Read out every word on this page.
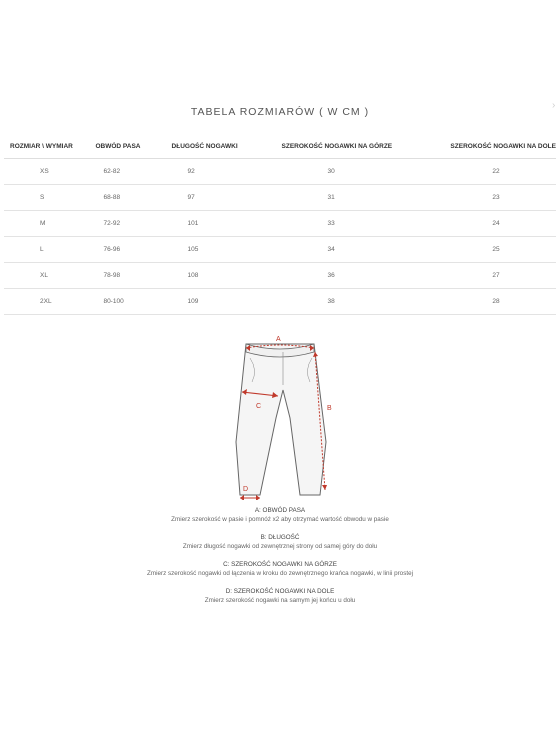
›
TABELA ROZMIARÓW ( W CM )
ROZMIAR \ WYMIAR	OBWÓD PASA	DŁUGOŚĆ NOGAWKI	SZEROKOŚĆ NOGAWKI NA GÓRZE	SZEROKOŚĆ NOGAWKI NA DOLE
XS	62-82	92	30	22
S	68-88	97	31	23
M	72-92	101	33	24
L	76-96	105	34	25
XL	78-98	108	36	27
2XL	80-100	109	38	28
A
B
C
D
A: OBWÓD PASA
Zmierz szerokość w pasie i pomnóż x2 aby otrzymać wartość obwodu w pasie
B: DŁUGOŚĆ
Zmierz długość nogawki od zewnętrznej strony od samej góry do dołu
C: SZEROKOŚĆ NOGAWKI NA GÓRZE
Zmierz szerokość nogawki od łączenia w kroku do zewnętrznego krańca nogawki, w linii prostej
D: SZEROKOŚĆ NOGAWKI NA DOLE
Zmierz szerokość nogawki na samym jej końcu u dołu
